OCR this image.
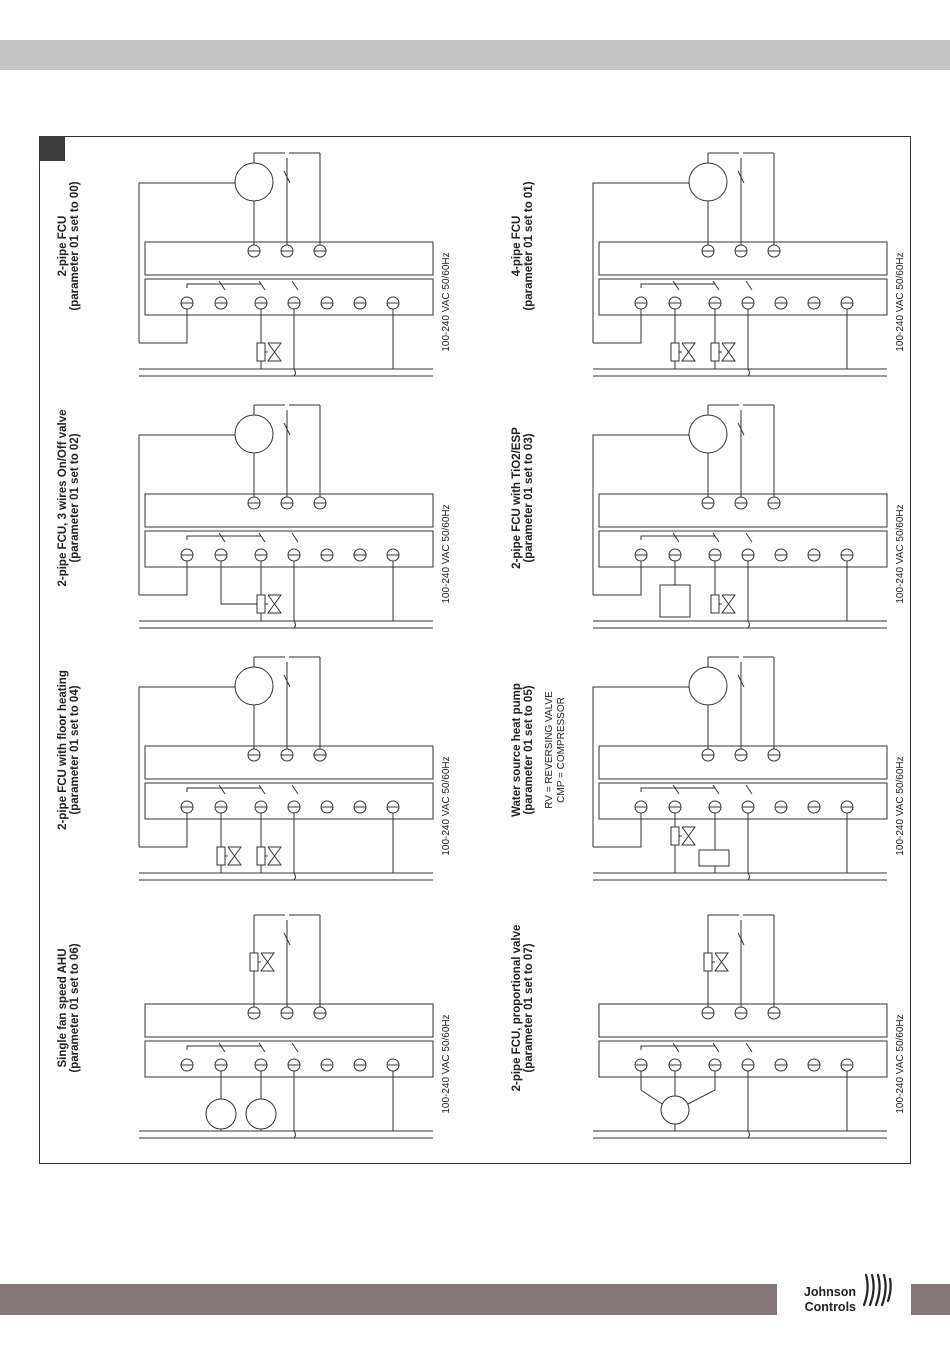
2-pipe FCU (parameter 01 set to 00)	100-240 VAC 50/60Hz
2-pipe FCU, 3 wires On/Off valve (parameter 01 set to 02)	100-240 VAC 50/60Hz
2-pipe FCU with floor heating (parameter 01 set to 04)	100-240 VAC 50/60Hz
Single fan speed AHU (parameter 01 set to 06)	100-240 VAC 50/60Hz
4-pipe FCU (parameter 01 set to 01)	100-240 VAC 50/60Hz
2-pipe FCU with TiO2/ESP (parameter 01 set to 03)	100-240 VAC 50/60Hz
Water source heat pump (parameter 01 set to 05)	100-240 VAC 50/60Hz
RV = REVERSING VALVE CMP = COMPRESSOR
2-pipe FCU, proportional valve (parameter 01 set to 07)	100-240 VAC 50/60Hz
Johnson
Controls
